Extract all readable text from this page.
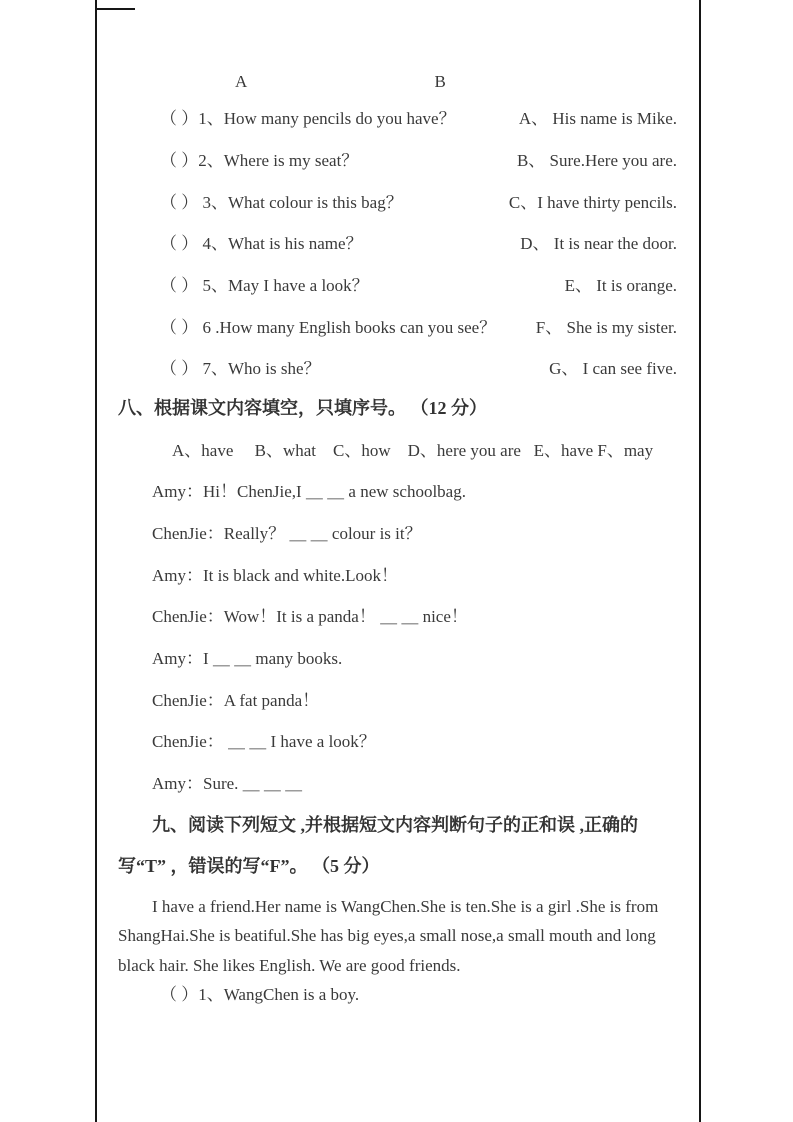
A	B
（ ）1、How many pencils do you have？	A、 His name is Mike.
（ ）2、Where is my seat？	B、 Sure.Here you are.
（ ） 3、What colour is this bag？	C、I have thirty pencils.
（ ） 4、What is his name？	D、 It is near the door.
（ ） 5、May I have a look？	E、 It is orange.
（ ） 6 .How many English books can you see？ F、 She is my sister.
（ ） 7、Who is she？	G、 I can see five.
八、根据课文内容填空，只填序号。 （12 分）
A、have     B、what    C、how    D、here you are   E、have F、may
Amy：Hi！ChenJie,I ＿ ＿ a new schoolbag.
ChenJie：Really？ ＿ ＿ colour is it？
Amy：It is black and white.Look！
ChenJie：Wow！It is a panda！ ＿ ＿ nice！
Amy：I ＿ ＿ many books.
ChenJie：A fat panda！
ChenJie： ＿ ＿ I have a look？
Amy：Sure. ＿ ＿ ＿
九、阅读下列短文 ,并根据短文内容判断句子的正和误 ,正确的写“T” ，错误的写“F”。 （5 分）
I have a friend.Her name is WangChen.She is ten.She is a girl .She is from ShangHai.She is beatiful.She has big eyes,a small nose,a small mouth and long black hair. She likes English. We are good friends.
（ ）1、WangChen is a boy.
